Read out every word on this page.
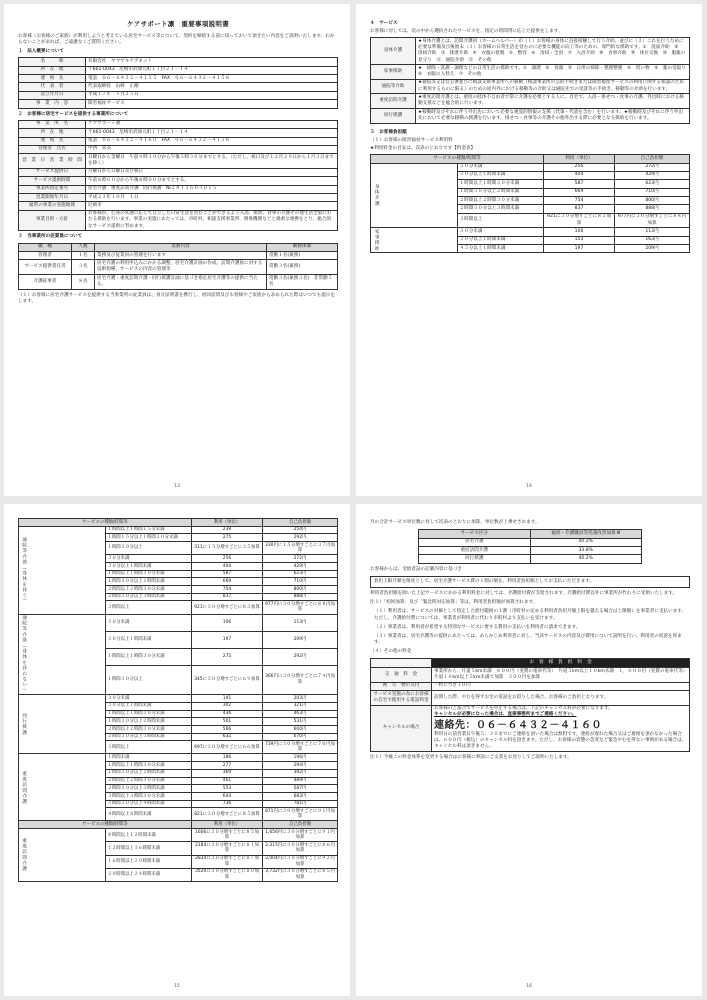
ケアサポート凛　重要事項説明書
お客様（お客様のご家族）が利用しようと考えている居宅サービス等について、契約を締結する前に知っておいて頂きたい内容をご説明いたします。わからないことがあれば、ご遠慮なくご質問ください。
１　法人概要について
名　　　称	有限会社　ヤマサキケアネット
所　在　地	〒661-0043　尼崎市武庫元町１丁目２１－１４
連　絡　先	電話　０６－６４３２－４１５５　FAX　０６－６４３２－４１５８
代　表　者	代表取締役　山崎　正剛
設立年月日	平成１７年　１月２５日
事　業　内　容	障害福祉サービス
２　お客様に居宅サービスを提供する事業所について
事　業　所　名	ケアサポート凛
所　在　地	〒661-0043　尼崎市武庫元町１丁目２１－１４
連　絡　先	電話　０６－６４３２－４１６０　FAX　０６－６４３２－４１５８
管理者　氏名	中西　栄美
営　業　日　営　業　時　間	日曜日から金曜日　午前９時３０分から午後５時３０分までとする。（ただし、祝日及び１２月２９日から１月３日までを除く）
サービス提供日	月曜日から日曜日及び祝日
サービス提供時間	午前８時００分から午後８時００分までとする。
事業所指定番号	居宅介護　重度訪問介護　同行援護　№２８１３６０３０１５
営業開始年月日	平成２３年１０月　１日
通常の事業の実施地域	尼崎市
事業目的・方針	お客様が、心身の状態に応じて自立した日常生活を営むことができるよう入浴、排泄、食事の介護その他生活全般にわたる援助を行います。事業の実施にあたっては、市町村、相談支援事業所、関係機関などと綿密な連携をとり、総合的なサービス提供に努めます。
３　当事業所の従業員について
職　種	人数	業務内容	勤務体制
管理者	１名	業務及び従業員の管理を行います	常勤１名(兼務)
サービス提供責任者	３名	居宅介護の利用申込みにかかる調整、居宅介護計画の作成、訪問介護員に対する技術指導、サービスの内容の管理等	常勤３名(兼務)
介護従事者	８名	居宅介護・重度訪問介護・同行援護計画に基づき指定居宅介護等の提供に当たる。	常勤３名(兼務３名)　非常勤５名
（１）お客様に居宅介護サービスを提供する当事業所の従業員は、身分証明書を携行し、初回訪問及びお客様やご家族から求められた際はいつでも提示をします。
13
４　サービス
お客様に対しては、次の中から選択されたサービスを、指定の時間帯に応じた提供をします。
身体介護	★身体介護とは、訪問介護員（ホームヘルパー）が（１）お客様の身体に直接接触して行う介助、並びに（２）これを行うために必要な準備及び後始末（３）お客様の日常生活を営むのに必要な機能の向上等のための、専門的な援助です。①　洗面介助　②　清拭介助　③　排泄介助　④　衣服の着脱　⑤　整容　⑥　清拭・全浴　⑦　入浴介助　⑧　食事介助　⑨　体位交換　⑩　服薬の見守り　⑪　通院介助　⑫　その他
家事援助	★　掃除・洗濯・調理などの日常生活の援助です。①　調理　②　食器　③　日用の掃除・整理整頓　④　買い物　⑤　薬の受取り　⑥　衣服の入替え　⑦　その他
通院等介助	★通院等又は官公署並びに相談支援事業所への移動（相談事業所の公的手続きまたは障害福祉サービスの利用に関する相談のために利用するものに限る）のための屋内外における移動等の介助又は通院先での受診等の手続き、移動等の介助を行います。
重度訪問介護	★重度訪問介護とは、重度の肢体不自由者で常に介護を必要とする人に、自宅で、入浴・排せつ・食事の介護、外出時における移動支援などを総合的に行います。
同行援護	★移動時及びそれに伴う外出先において必要な視覚的情報の支援（代筆・代読を含む）を行います。★移動時及びそれに伴う外出先において必要な移動の援護を行います。排せつ・食事等の介護その他外出する際に必要となる援助を行います。
５　お客様負担額
（１）お客様の障害福祉サービス利用料
★利用料金の目安は、次表のとおりです【料金表】
サービスの種類/時間等		利用（単位）	自己負担額

身体介護	３０分未満	256	272円
	３０分以上１時間未満	404	429円
	１時間以上１時間３０分未満	587	623円
	１時間３０分以上２時間未満	669	710円
	２時間以上２時間３０分未満	754	800円
	２時間３０分以上３時間未満	837	888円
	３時間以上	921に３０分増すごとに８３加算	977円に３０分増すごとに８８円加算

家事援助	３０分未満	106	113円
	３０分以上１時間未満	153	163円
	４５分以上１時間未満	197	209円
14
サービスの種類/時間等		利用（単位）	自己負担額

通院等介助（身体を伴う）	１時間以上１時間１５分未満	239	254円
	１時間１５分以上１時間３０分未満	275	292円
	１時間３０分以上	311に１５分増すごとに３５加算	330円に１５分増すごとに３７円加算
	３０分未満	256	272円
	３０分以上１時間未満	404	429円
	１時間以上１時間３０分未満	587	623円
	１時間３０分以上２時間未満	669	710円
	２時間以上２時間３０分未満	754	800円
	２時間３０分以上３時間未満	837	888円
	３時間以上	921に３０分増すごとに８３加算	977円に３０分増すごとに８８円加算

通院等介助（身体を伴わない）	３０分未満	106	113円
	３０分以上１時間未満	197	209円
	１時間以上１時間３０分未満	275	292円
	１時間３０分以上	345に３０分増すごとに６９加算	366円に３０分増すごとに７４円加算

同行援護	３０分未満	191	203円
	３０分以上１時間未満	302	321円
	１時間以上１時間３０分未満	436	463円
	１時間３０分以上２時間未満	501	531円
	２時間以上２時間３０分未満	566	600円
	２時間３０分以上３時間未満	632	670円
	３時間以上	697に３０分増すごとに６６加算	739円に３０分増すごとに７０円加算

重度訪問介護	１時間未満	186	196円
	１時間以上１時間３０分未満	277	294円
	１時間３０分以上２時間未満	369	392円
	２時間以上２時間３０分未満	461	489円
	２時間３０分以上３時間未満	553	587円
	３時間以上３時間３０分未満	644	683円
	３時間３０分以上４時間未満	736	781円
	４時間以上８時間未満	821に３０分増すごとに８５加算	871円に３０分増すごとに９１円加算
サービスの種類/時間等		利用（単位）	自己負担額

重度訪問介護	８時間以上１２時間未満	1606に３０分増すごとに８５加算	1,656円に３０分増すごとに９１円加算
	１２時間以上１６時間未満	2184に３０分増すごとに８１加算	2,315円に３０分増すごとに８６円加算
	１６時間以上２０時間未満	2834に３０分増すごとに８７加算	3,004円に３０分増すごとに９２円加算
	２０時間以上２４時間未満	3520に３０分増すごとに８０加算	3,732円に３０分増すごとに８５円加算
15
月の合計サービス単位数に対して次表のとおりに加算、単位数が上乗せされます。
サービス区分	福祉・介護職員等処遇改善加算 Ⅲ
居宅介護	40.2%
重度訪問介護	33.8%
同行援護	40.2%
お客様からは、受給者証の記載内容に基づき
負担上限月額を限度として、居宅介護サービス費の１割の額を、利用者負担額としてお支払いただきます。
利用者負担額を除いた上記サービスにかかる利用料金に対しては、介護給付費が支給されます。介護給付費以外に事業所が代わりに受領いたします。
注１）「初回加算」及び「緊急時対応加算」等は、利用者負担額が加算されます。
（１）利用者は、サービスの対価として指定した給付範囲の１割（市町村の定める利用者負担月額上限を越える場合は上限額）を事業者に支払います。ただし、介護給付費については、事業者が利用者に代わり市町村より支払いを受けます。
（２）事業者は、利用者が希望する特別なサービスに要する費用の支払いを利用者に請求できます。
（３）事業者は、居宅介護等の提供にあたっては、あらかじめ利用者に対し、当該サービスの内容及び費用について説明を行い、利用者の同意を得ます。
（４）その他の料金
	お　客　様　負　担　料　金
交　通　料　金	事業所から　片道５km未満　８００円（実費の電車代等）　片道５km以上１０km未満　１，０００円（実費の電車代等）　片道１０km以上５km未満で加算　３００円を加算
複　写　物の交付	一枚につき１０円
サービス実施の為にお客様の自宅で使用する電話料金	訪問した際、やむを得ずお宅の電話をお借りした場合、お客様のご負担となります。
キャンセルの場合	お客様のご都合でサービスを中止する場合は、下記のキャンセル料が必要になります。
キャンセルが必要になった場合は、直接事務所までご連絡ください。
連絡先：０６－６４３２－４１６０
利用日の前営業日午後５：３０までにご連絡を頂いた場合は無料です。連絡が遅れた場合又はご連絡を頂かなかった場合は、６００円（税込）のキャンセル料を頂きます。ただし、お客様の容態の急変など緊急やむを得ない事情がある場合は、キャンセル料は頂きません。
注１）今後この料金体系を変更する場合はお客様に事前にご文書をお送りしてご説明いたします。
16
